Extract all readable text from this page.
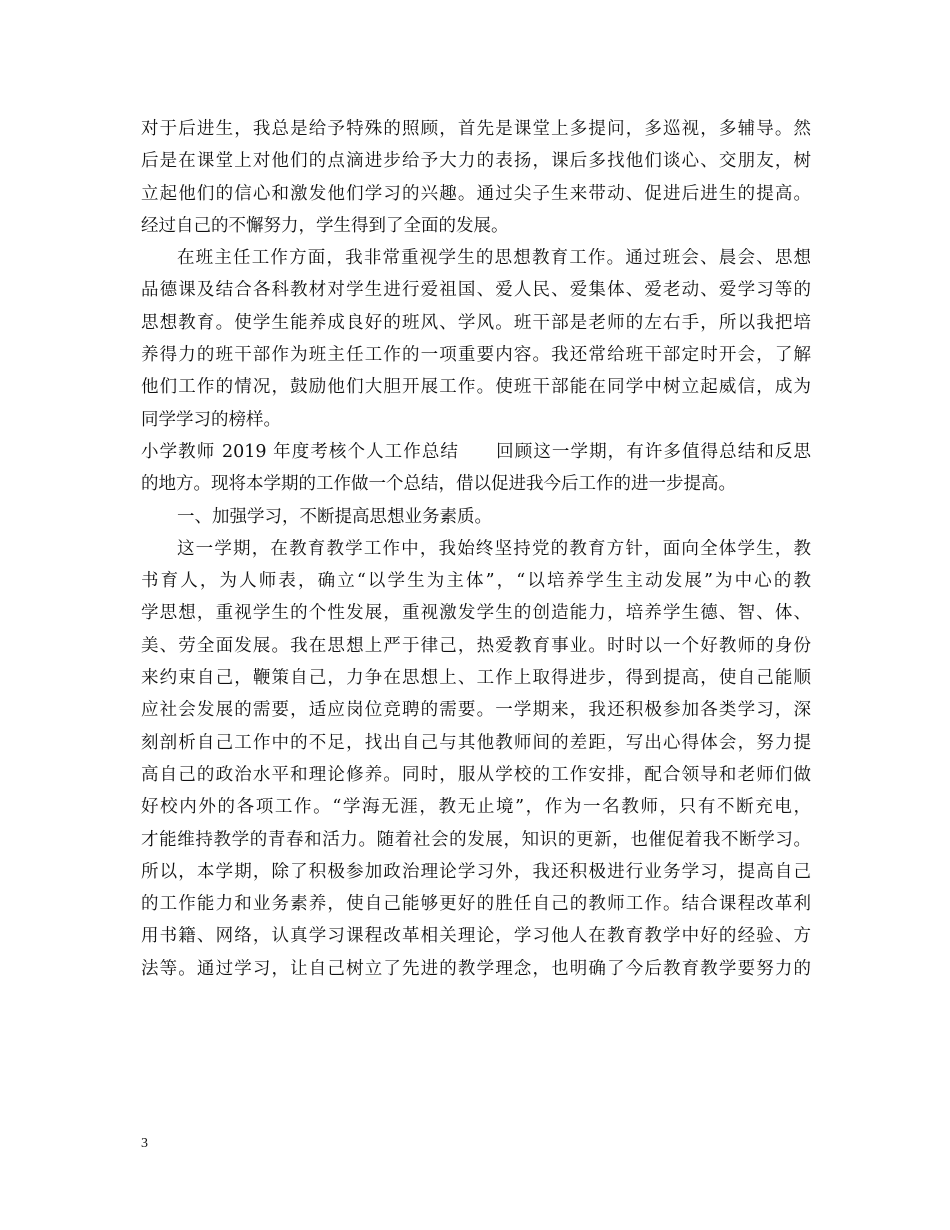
对于后进生，我总是给予特殊的照顾，首先是课堂上多提问，多巡视，多辅导。然
后是在课堂上对他们的点滴进步给予大力的表扬，课后多找他们谈心、交朋友，树
立起他们的信心和激发他们学习的兴趣。通过尖子生来带动、促进后进生的提高。
经过自己的不懈努力，学生得到了全面的发展。
在班主任工作方面，我非常重视学生的思想教育工作。通过班会、晨会、思想
品德课及结合各科教材对学生进行爱祖国、爱人民、爱集体、爱老动、爱学习等的
思想教育。使学生能养成良好的班风、学风。班干部是老师的左右手，所以我把培
养得力的班干部作为班主任工作的一项重要内容。我还常给班干部定时开会，了解
他们工作的情况，鼓励他们大胆开展工作。使班干部能在同学中树立起威信，成为
同学学习的榜样。
小学教师 2019 年度考核个人工作总结　　回顾这一学期，有许多值得总结和反思
的地方。现将本学期的工作做一个总结，借以促进我今后工作的进一步提高。
一、加强学习，不断提高思想业务素质。
这一学期，在教育教学工作中，我始终坚持党的教育方针，面向全体学生，教
书育人，为人师表，确立“以学生为主体”，“以培养学生主动发展”为中心的教
学思想，重视学生的个性发展，重视激发学生的创造能力，培养学生德、智、体、
美、劳全面发展。我在思想上严于律己，热爱教育事业。时时以一个好教师的身份
来约束自己，鞭策自己，力争在思想上、工作上取得进步，得到提高，使自己能顺
应社会发展的需要，适应岗位竞聘的需要。一学期来，我还积极参加各类学习，深
刻剖析自己工作中的不足，找出自己与其他教师间的差距，写出心得体会，努力提
高自己的政治水平和理论修养。同时，服从学校的工作安排，配合领导和老师们做
好校内外的各项工作。“学海无涯，教无止境”，作为一名教师，只有不断充电，
才能维持教学的青春和活力。随着社会的发展，知识的更新，也催促着我不断学习。
所以，本学期，除了积极参加政治理论学习外，我还积极进行业务学习，提高自己
的工作能力和业务素养，使自己能够更好的胜任自己的教师工作。结合课程改革利
用书籍、网络，认真学习课程改革相关理论，学习他人在教育教学中好的经验、方
法等。通过学习，让自己树立了先进的教学理念，也明确了今后教育教学要努力的
3
